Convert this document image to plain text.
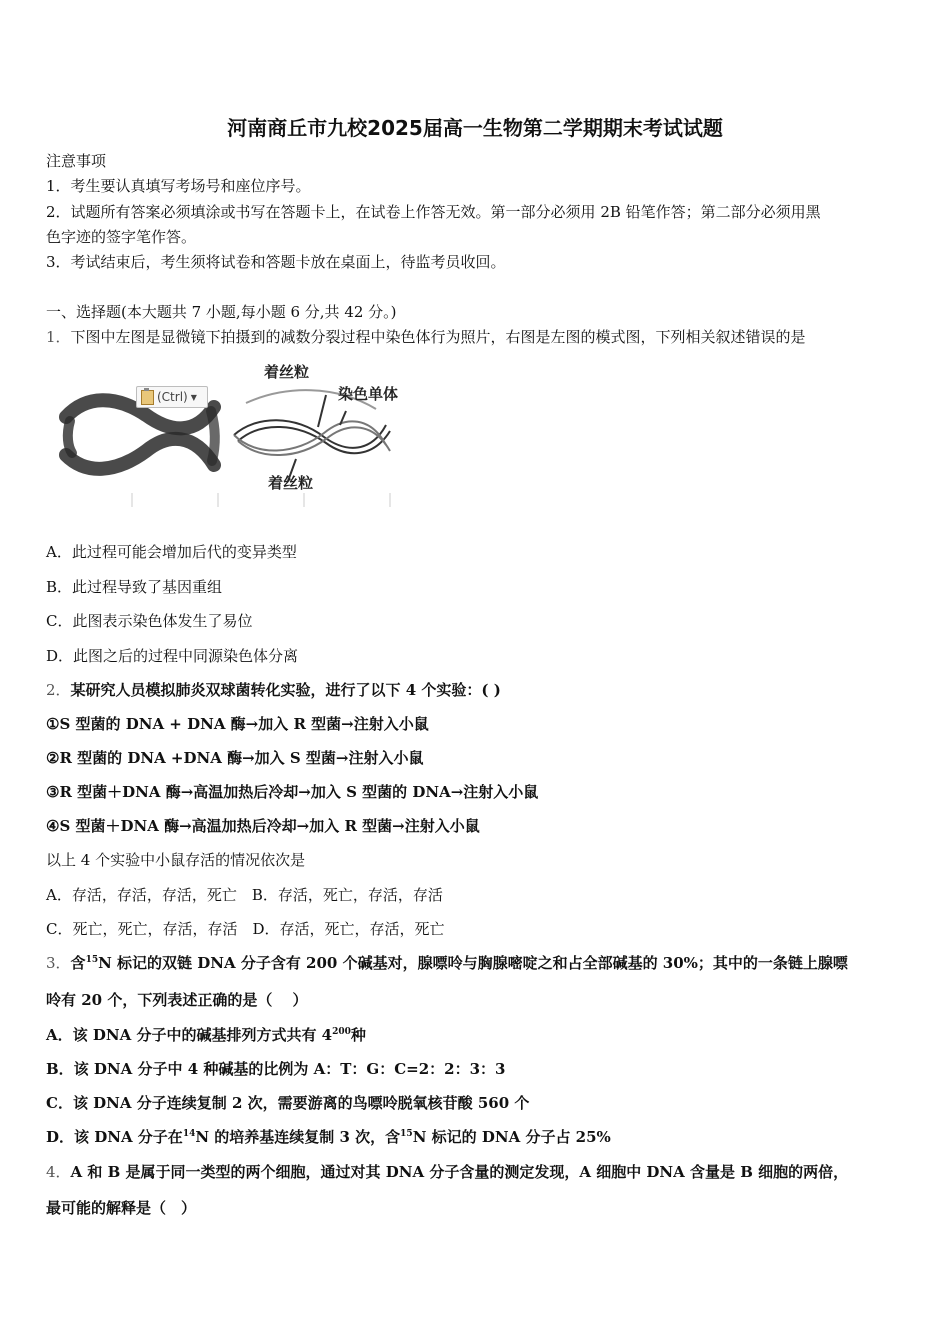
河南商丘市九校2025届高一生物第二学期期末考试试题
注意事项
1．考生要认真填写考场号和座位序号。
2．试题所有答案必须填涂或书写在答题卡上，在试卷上作答无效。第一部分必须用 2B 铅笔作答；第二部分必须用黑
色字迹的签字笔作答。
3．考试结束后，考生须将试卷和答题卡放在桌面上，待监考员收回。
一、选择题(本大题共 7 小题,每小题 6 分,共 42 分。)
1．下图中左图是显微镜下拍摄到的减数分裂过程中染色体行为照片，右图是左图的模式图，下列相关叙述错误的是
着丝粒
染色单体
着丝粒
(Ctrl) ▼
A．此过程可能会增加后代的变异类型
B．此过程导致了基因重组
C．此图表示染色体发生了易位
D．此图之后的过程中同源染色体分离
2．某研究人员模拟肺炎双球菌转化实验，进行了以下 4 个实验：( )
①S 型菌的 DNA + DNA 酶→加入 R 型菌→注射入小鼠
②R 型菌的 DNA +DNA 酶→加入 S 型菌→注射入小鼠
③R 型菌＋DNA 酶→高温加热后冷却→加入 S 型菌的 DNA→注射入小鼠
④S 型菌＋DNA 酶→高温加热后冷却→加入 R 型菌→注射入小鼠
以上 4 个实验中小鼠存活的情况依次是
A．存活，存活，存活，死亡　B．存活，死亡，存活，存活
C．死亡，死亡，存活，存活　D．存活，死亡，存活，死亡
3．含$^{15}$N 标记的双链 DNA 分子含有 200 个碱基对，腺嘌呤与胸腺嘧啶之和占全部碱基的 30%；其中的一条链上腺嘌
呤有 20 个，下列表述正确的是（　 ）
A．该 DNA 分子中的碱基排列方式共有 $4^{200}$种
B．该 DNA 分子中 4 种碱基的比例为 A：T：G：C=2：2：3：3
C．该 DNA 分子连续复制 2 次，需要游离的鸟嘌呤脱氧核苷酸 560 个
D．该 DNA 分子在$^{14}$N 的培养基连续复制 3 次，含$^{15}$N 标记的 DNA 分子占 25%
4．A 和 B 是属于同一类型的两个细胞，通过对其 DNA 分子含量的测定发现，A 细胞中 DNA 含量是 B 细胞的两倍，
最可能的解释是（　）
